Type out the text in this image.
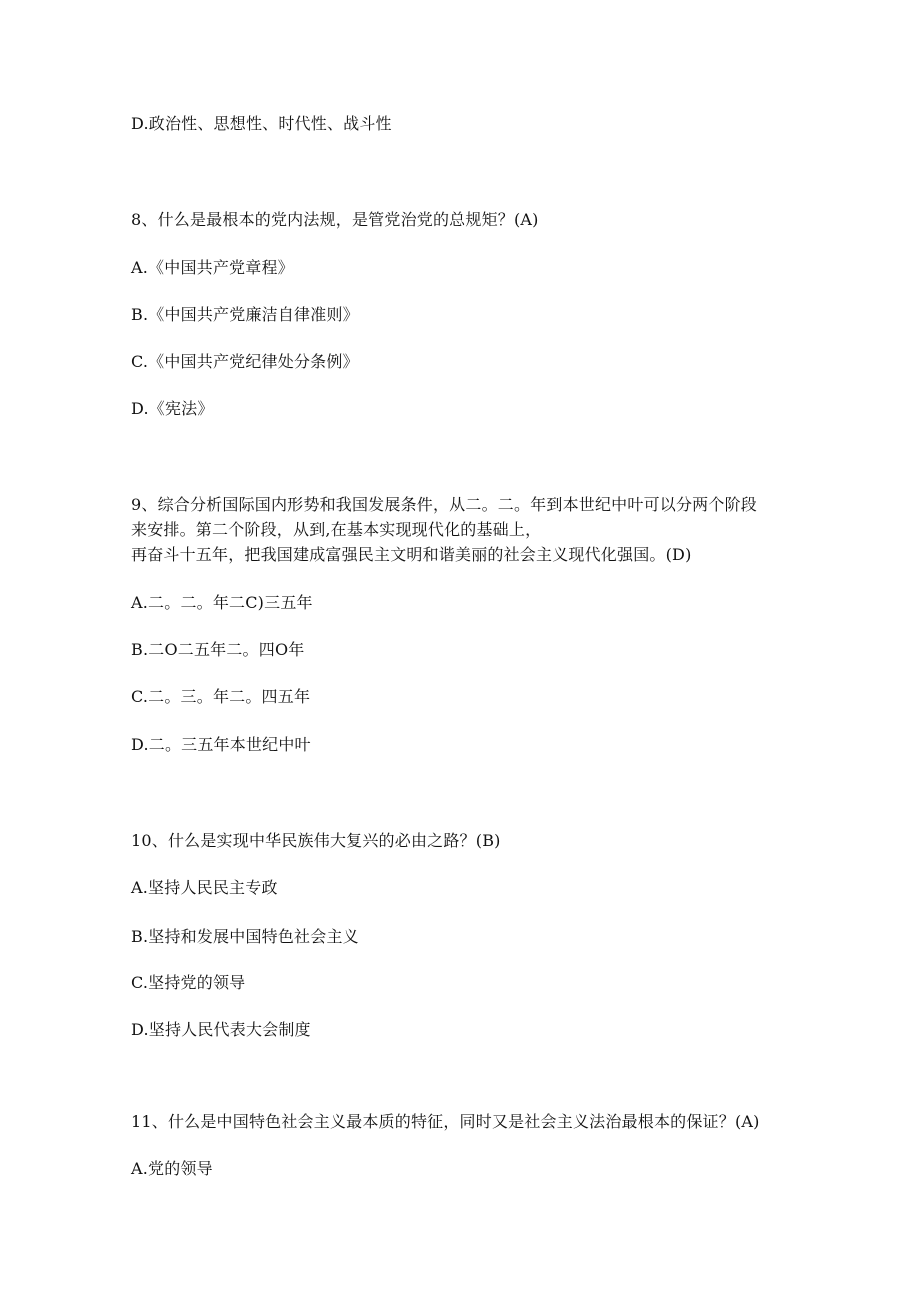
D.政治性、思想性、时代性、战斗性
8、什么是最根本的党内法规，是管党治党的总规矩？(A)
A.《中国共产党章程》
B.《中国共产党廉洁自律准则》
C.《中国共产党纪律处分条例》
D.《宪法》
9、综合分析国际国内形势和我国发展条件，从二。二。年到本世纪中叶可以分两个阶段
来安排。第二个阶段，从到,在基本实现现代化的基础上，
再奋斗十五年，把我国建成富强民主文明和谐美丽的社会主义现代化强国。(D)
A.二。二。年二C)三五年
B.二O二五年二。四O年
C.二。三。年二。四五年
D.二。三五年本世纪中叶
10、什么是实现中华民族伟大复兴的必由之路？(B)
A.坚持人民民主专政
B.坚持和发展中国特色社会主义
C.坚持党的领导
D.坚持人民代表大会制度
11、什么是中国特色社会主义最本质的特征，同时又是社会主义法治最根本的保证？(A)
A.党的领导
